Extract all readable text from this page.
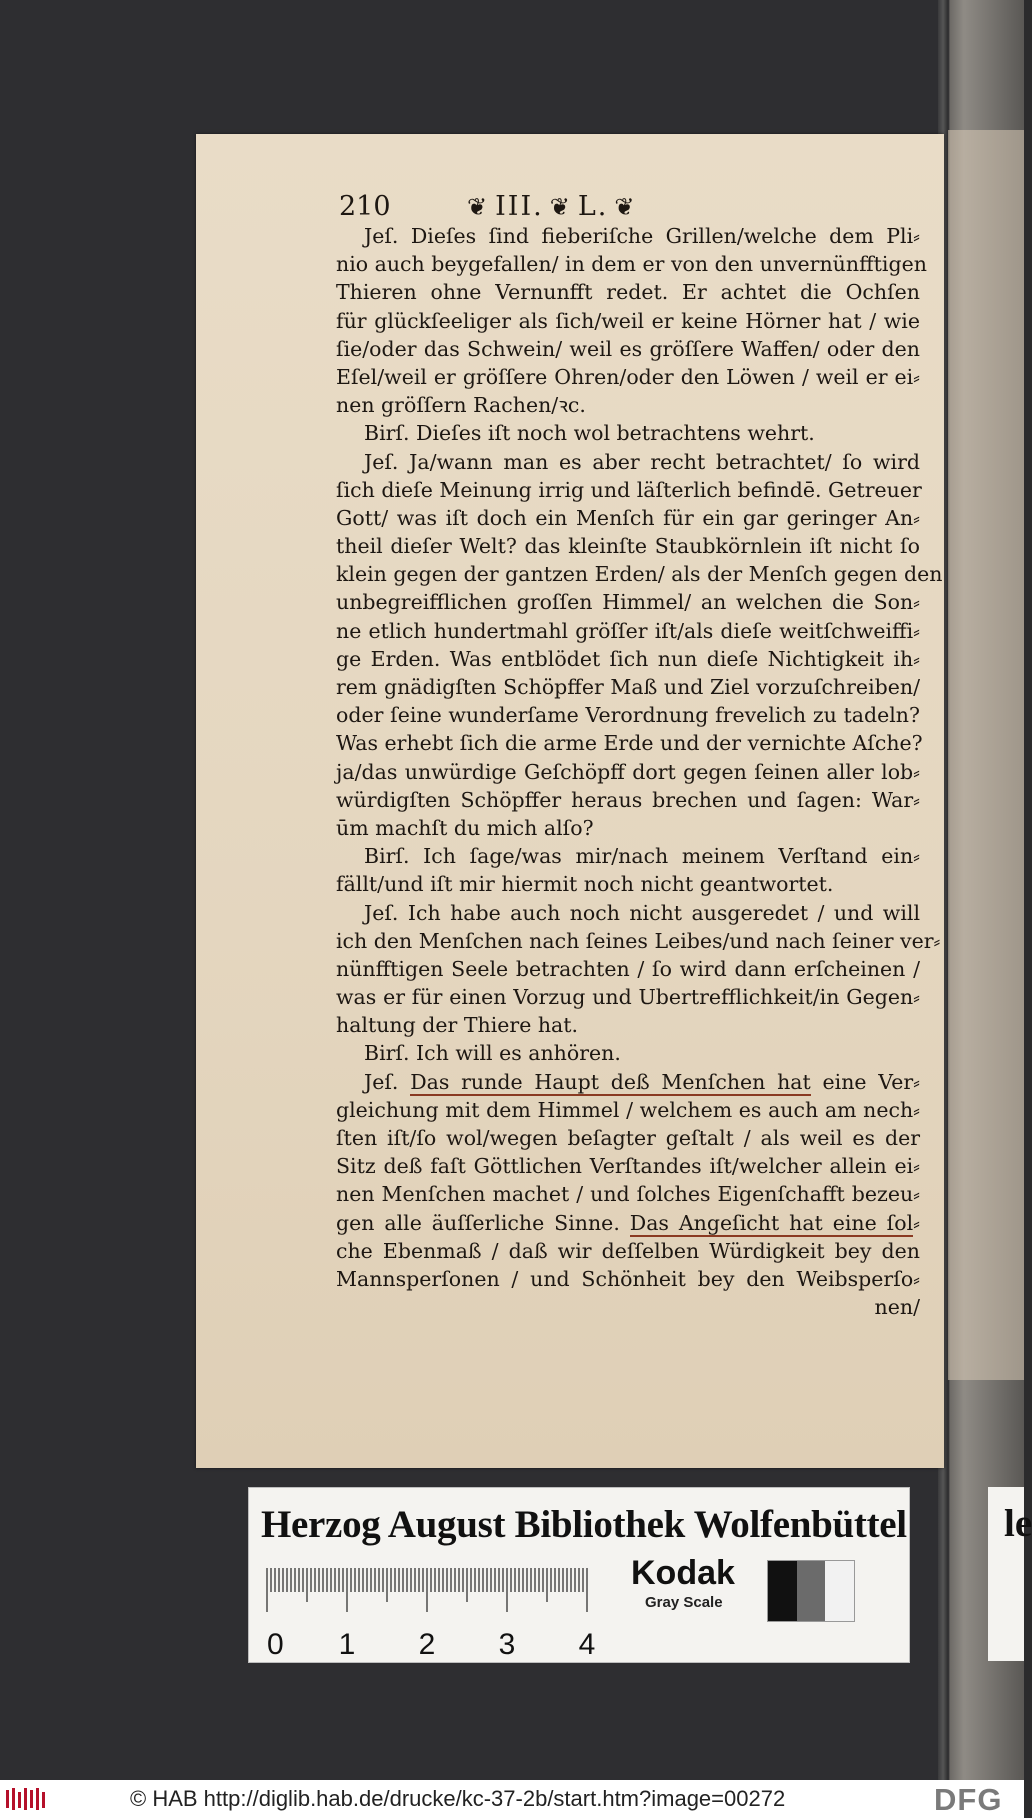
210	❦ III. ❦ L. ❦
Jeſ. Dieſes ſind fieberiſche Grillen/welche dem Pli⸗
nio auch beygefallen/ in dem er von den unvernünfftigen
Thieren ohne Vernunfft redet. Er achtet die Ochſen
für glückſeeliger als ſich/weil er keine Hörner hat / wie
ſie/oder das Schwein/ weil es gröſſere Waffen/ oder den
Eſel/weil er gröſſere Ohren/oder den Löwen / weil er ei⸗
nen gröſſern Rachen/ꝛc.
Birſ. Dieſes iſt noch wol betrachtens wehrt.
Jeſ. Ja/wann man es aber recht betrachtet/ ſo wird
ſich dieſe Meinung irrig und läſterlich befindē. Getreuer
Gott/ was iſt doch ein Menſch für ein gar geringer An⸗
theil dieſer Welt? das kleinſte Staubkörnlein iſt nicht ſo
klein gegen der gantzen Erden/ als der Menſch gegen den
unbegreifflichen groſſen Himmel/ an welchen die Son⸗
ne etlich hundertmahl gröſſer iſt/als dieſe weitſchweiffi⸗
ge Erden. Was entblödet ſich nun dieſe Nichtigkeit ih⸗
rem gnädigſten Schöpffer Maß und Ziel vorzuſchreiben/
oder ſeine wunderſame Verordnung frevelich zu tadeln?
Was erhebt ſich die arme Erde und der vernichte Aſche?
ja/das unwürdige Geſchöpff dort gegen ſeinen aller lob⸗
würdigſten Schöpffer heraus brechen und ſagen: War⸗
ūm machſt du mich alſo?
Birſ. Ich ſage/was mir/nach meinem Verſtand ein⸗
fällt/und iſt mir hiermit noch nicht geantwortet.
Jeſ. Ich habe auch noch nicht ausgeredet / und will
ich den Menſchen nach ſeines Leibes/und nach ſeiner ver⸗
nünfftigen Seele betrachten / ſo wird dann erſcheinen /
was er für einen Vorzug und Ubertrefflichkeit/in Gegen⸗
haltung der Thiere hat.
Birſ. Ich will es anhören.
Jeſ. Das runde Haupt deß Menſchen hat eine Ver⸗
gleichung mit dem Himmel / welchem es auch am nech⸗
ſten iſt/ſo wol/wegen beſagter geſtalt / als weil es der
Sitz deß faſt Göttlichen Verſtandes iſt/welcher allein ei⸗
nen Menſchen machet / und ſolches Eigenſchafft bezeu⸗
gen alle äuſſerliche Sinne. Das Angeſicht hat eine ſol⸗
che Ebenmaß / daß wir deſſelben Würdigkeit bey den
Mannsperſonen / und Schönheit bey den Weibsperſo⸗
nen/
Herzog August Bibliothek Wolfenbüttel
0 1 2 3 4
Kodak
Gray Scale
le
© HAB http://diglib.hab.de/drucke/kc-37-2b/start.htm?image=00272	DFG
